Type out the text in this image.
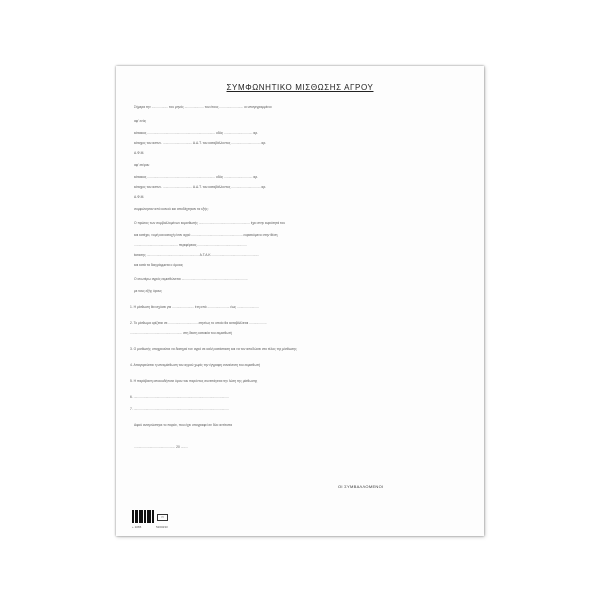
ΣΥΜΦΩΝΗΤΙΚΟ ΜΙΣΘΩΣΗΣ ΑΓΡΟΥ
Σήμερα την .................. του μηνός ..................... του έτους .......................... οι υπογεγραμμένοι
αφ' ενός
κάτοικος .......................................................................... οδός ............................... αρ.
κάτοχος του αστυν. ................................ Α.Δ.Τ. του καταβάλλοντος ................................ αρ.
Α.Φ.Μ.
αφ' ετέρου
κάτοικος .......................................................................... οδός ............................... αρ.
κάτοχος του αστυν. ................................ Α.Δ.Τ. του καταβάλλοντος ................................ αρ.
Α.Φ.Μ.
συμφώνησαν από κοινού και αποδέχτηκαν τα εξής:
Ο πρώτος των συμβαλλομένων εκμισθωτής ........................................................ έχει στην κυριότητά του
και κατέχει, νομή και κατοχή έναν αγρό ........................................................ ευρισκόμενο στην θέση
................................................ περιφέρειας ......................................................
έκτασης ......................................................... Α.Τ.Α.Κ. ...................................................
και κατά τα διαγράμματα ο όμοιος
Ο ανωτέρω αγρός εκμισθώνεται ........................................................................
με τους εξής όρους
1. Η μίσθωση θα ισχύσει για ........................ έτη από ........................ έως ........................
2. Το μίσθωμα ορίζεται σε ................................ ετησίως το οποίο θα καταβάλλεται ...................
......................................................... στη δεκτη κατοικία του εκμισθωτή
3. Ο μισθωτής υποχρεούται να διατηρεί τον αγρό σε καλή κατάσταση και να τον αποδώσει στο τέλος της μίσθωσης
4. Απαγορεύεται η υπεκμίσθωση του αγρού χωρίς την έγγραφη συναίνεση του εκμισθωτή
5. Η παράβαση οποιουδήποτε όρου του παρόντος συνεπάγεται την λύση της μίσθωσης
6. ........................................................................................................
7. ........................................................................................................
Αφού αναγνώστηκε το παρόν, που έχει υπογραφεί σε δύο αντίτυπα
............................................. 20 ........
ΟΙ ΣΥΜΒΑΛΛΟΜΕΝΟΙ
▭
+ 1065	5200233
